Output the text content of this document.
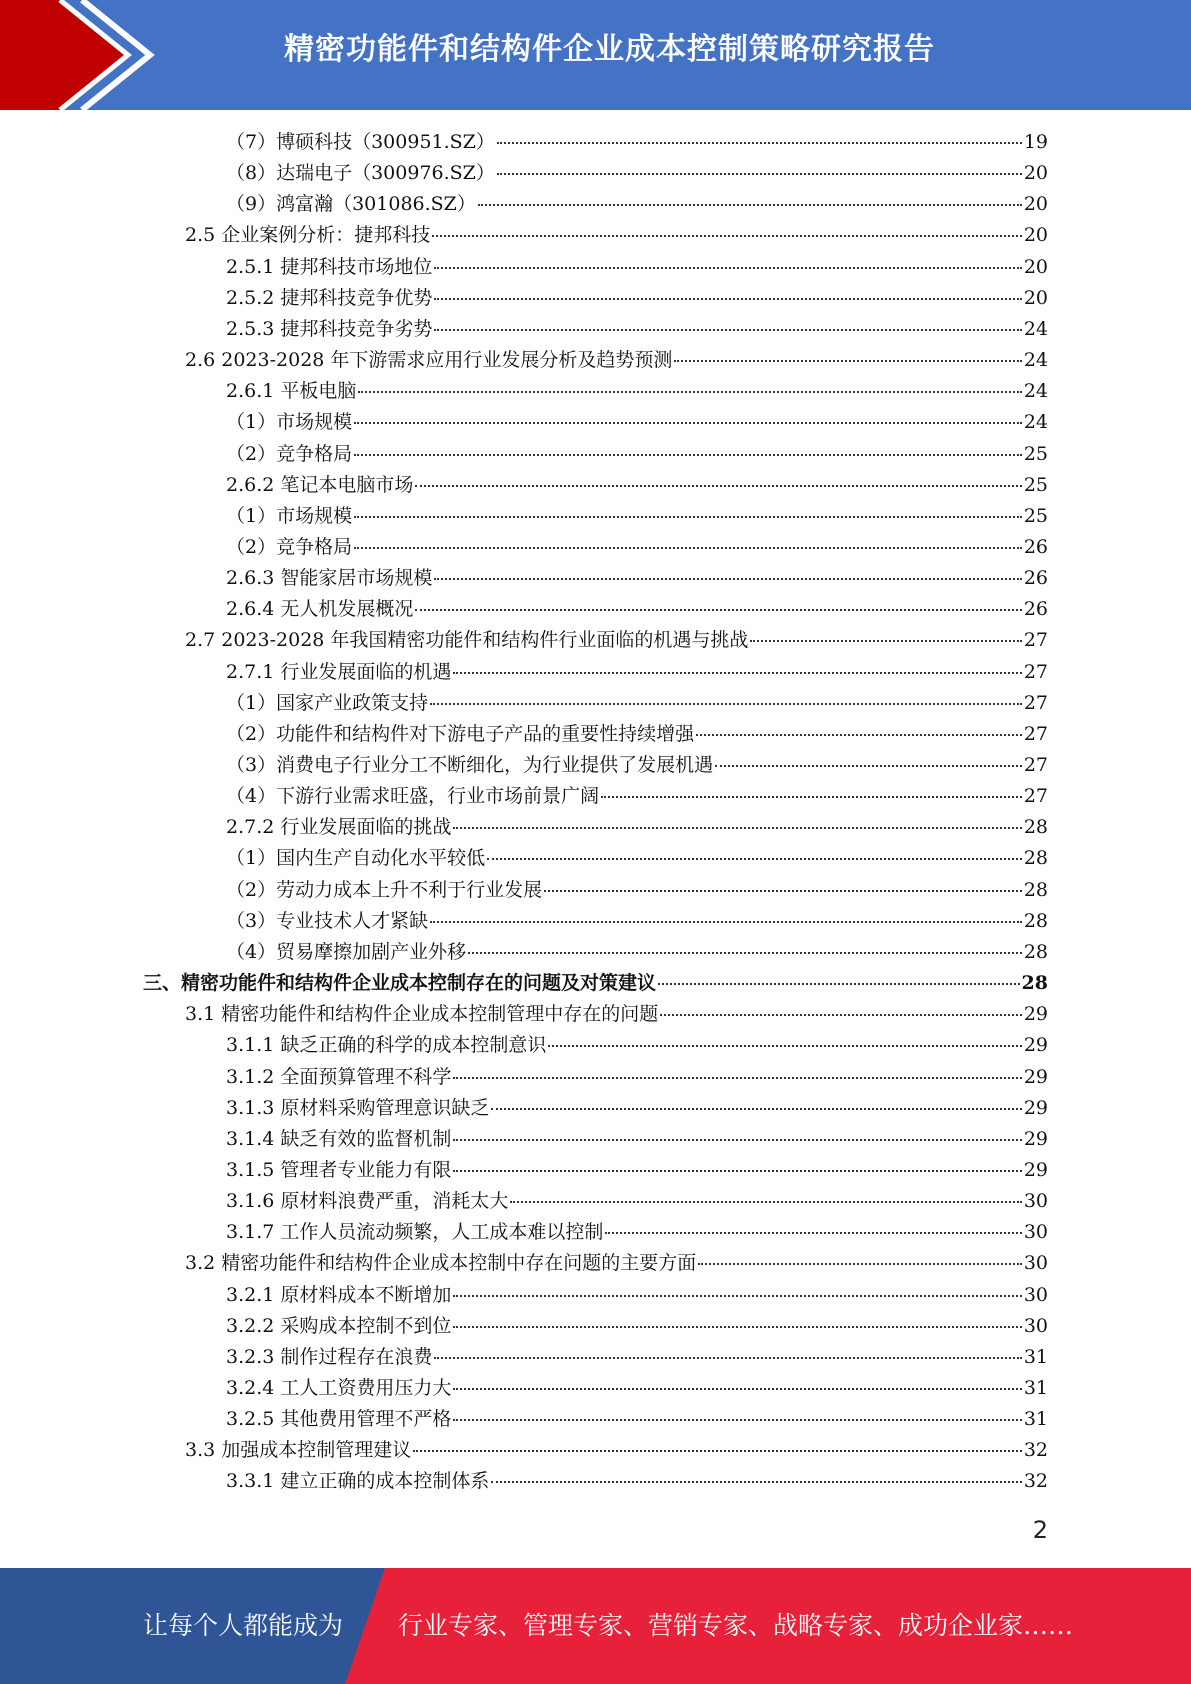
精密功能件和结构件企业成本控制策略研究报告
（7）博硕科技（300951.SZ）	19
（8）达瑞电子（300976.SZ）	20
（9）鸿富瀚（301086.SZ）	20
2.5 企业案例分析：捷邦科技	20
2.5.1 捷邦科技市场地位	20
2.5.2 捷邦科技竞争优势	20
2.5.3 捷邦科技竞争劣势	24
2.6 2023-2028 年下游需求应用行业发展分析及趋势预测	24
2.6.1 平板电脑	24
（1）市场规模	24
（2）竞争格局	25
2.6.2 笔记本电脑市场	25
（1）市场规模	25
（2）竞争格局	26
2.6.3 智能家居市场规模	26
2.6.4 无人机发展概况	26
2.7 2023-2028 年我国精密功能件和结构件行业面临的机遇与挑战	27
2.7.1 行业发展面临的机遇	27
（1）国家产业政策支持	27
（2）功能件和结构件对下游电子产品的重要性持续增强	27
（3）消费电子行业分工不断细化，为行业提供了发展机遇	27
（4）下游行业需求旺盛，行业市场前景广阔	27
2.7.2 行业发展面临的挑战	28
（1）国内生产自动化水平较低	28
（2）劳动力成本上升不利于行业发展	28
（3）专业技术人才紧缺	28
（4）贸易摩擦加剧产业外移	28
三、精密功能件和结构件企业成本控制存在的问题及对策建议	28
3.1 精密功能件和结构件企业成本控制管理中存在的问题	29
3.1.1 缺乏正确的科学的成本控制意识	29
3.1.2 全面预算管理不科学	29
3.1.3 原材料采购管理意识缺乏	29
3.1.4 缺乏有效的监督机制	29
3.1.5 管理者专业能力有限	29
3.1.6 原材料浪费严重，消耗太大	30
3.1.7 工作人员流动频繁，人工成本难以控制	30
3.2 精密功能件和结构件企业成本控制中存在问题的主要方面	30
3.2.1 原材料成本不断增加	30
3.2.2 采购成本控制不到位	30
3.2.3 制作过程存在浪费	31
3.2.4 工人工资费用压力大	31
3.2.5 其他费用管理不严格	31
3.3 加强成本控制管理建议	32
3.3.1 建立正确的成本控制体系	32
2
让每个人都能成为 行业专家、管理专家、营销专家、战略专家、成功企业家……
